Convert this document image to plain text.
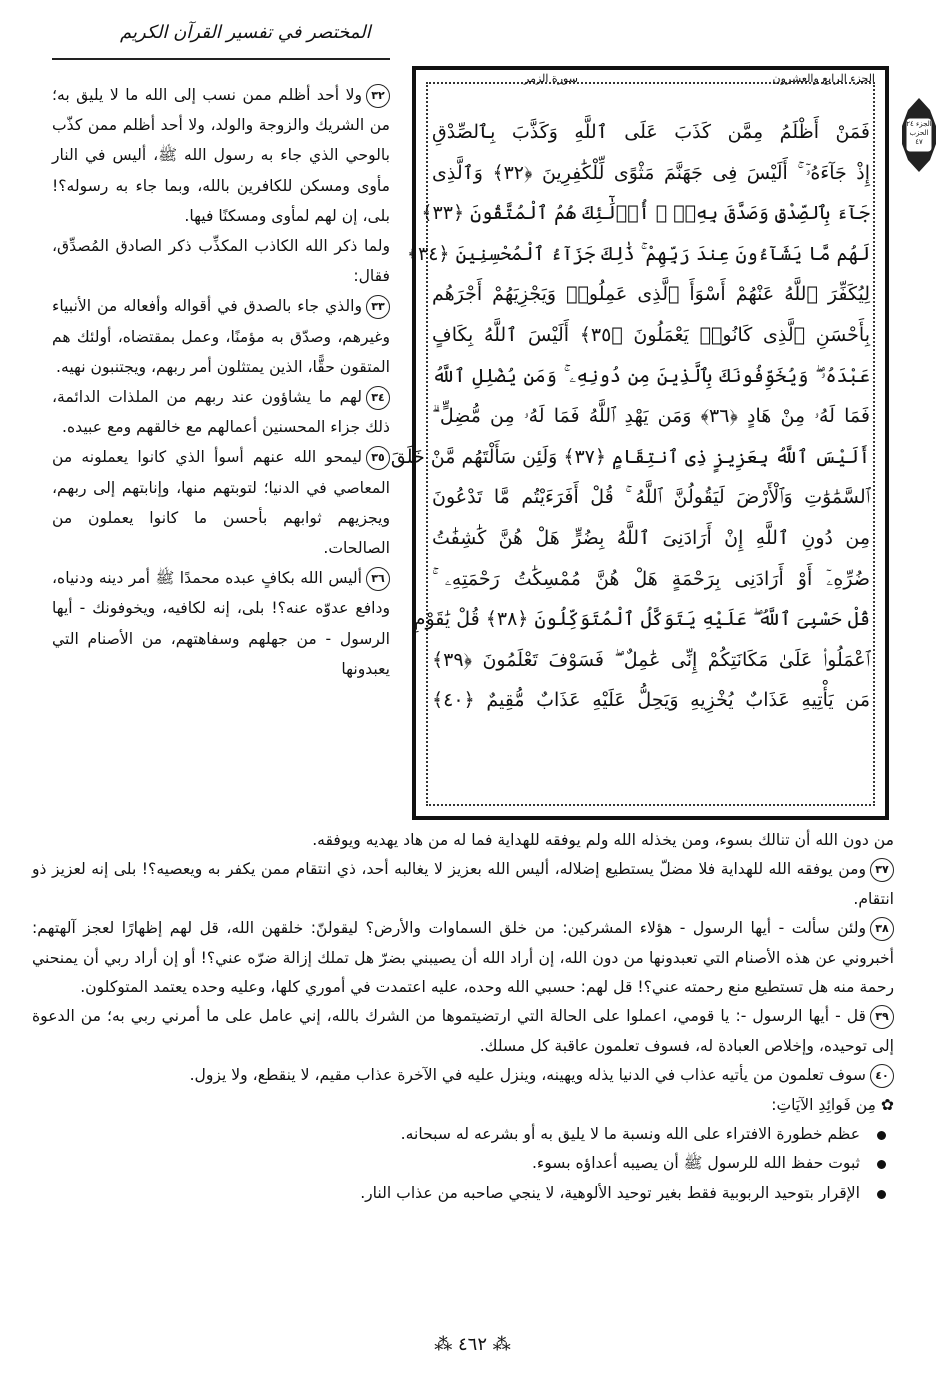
المختصر في تفسير القرآن الكريم

٣٢ولا أحد أظلم ممن نسب إلى الله ما لا يليق به؛ من الشريك والزوجة والولد، ولا أحد أظلم ممن كذّب بالوحي الذي جاء به رسول الله ﷺ، أليس في النار مأوى ومسكن للكافرين بالله، وبما جاء به رسوله؟! بلى، إن لهم لمأوى ومسكنًا فيها.

ولما ذكر الله الكاذب المكذِّب ذكر الصادق المُصدِّق، فقال:

٣٣والذي جاء بالصدق في أقواله وأفعاله من الأنبياء وغيرهم، وصدّق به مؤمنًا، وعمل بمقتضاه، أولئك هم المتقون حقًّا، الذين يمتثلون أمر ربهم، ويجتنبون نهيه.

٣٤لهم ما يشاؤون عند ربهم من الملذات الدائمة، ذلك جزاء المحسنين أعمالهم مع خالقهم ومع عبيده.

٣٥ليمحو الله عنهم أسوأ الذي كانوا يعملونه من المعاصي في الدنيا؛ لتوبتهم منها، وإنابتهم إلى ربهم، ويجزيهم ثوابهم بأحسن ما كانوا يعملون من الصالحات.

٣٦أليس الله بكافٍ عبده محمدًا ﷺ أمر دينه ودنياه، ودافع عدوّه عنه؟! بلى، إنه لكافيه، ويخوفونك - أيها الرسول - من جهلهم وسفاهتهم، من الأصنام التي يعبدونها

سورة الزمر	الجزء الرابع والعشرون
فَمَنْ أَظْلَمُ مِمَّن كَذَبَ عَلَى ٱللَّهِ وَكَذَّبَ بِٱلصِّدْقِ
إِذْ جَآءَهُۥٓ ۚ أَلَيْسَ فِى جَهَنَّمَ مَثْوًى لِّلْكَٰفِرِينَ ﴿٣٢﴾ وَٱلَّذِى
جَآءَ بِٱلصِّدْقِ وَصَدَّقَ بِهِۦٓ ۙ أُو۟لَٰٓئِكَ هُمُ ٱلْمُتَّقُونَ ﴿٣٣﴾
لَهُم مَّا يَشَآءُونَ عِندَ رَبِّهِمْ ۚ ذَٰلِكَ جَزَآءُ ٱلْمُحْسِنِينَ ﴿٣٤﴾
لِيُكَفِّرَ ٱللَّهُ عَنْهُمْ أَسْوَأَ ٱلَّذِى عَمِلُوا۟ وَيَجْزِيَهُمْ أَجْرَهُم
بِأَحْسَنِ ٱلَّذِى كَانُوا۟ يَعْمَلُونَ ﴿٣٥﴾ أَلَيْسَ ٱللَّهُ بِكَافٍ
عَبْدَهُۥ ۖ وَيُخَوِّفُونَكَ بِٱلَّذِينَ مِن دُونِهِۦ ۚ وَمَن يُضْلِلِ ٱللَّهُ
فَمَا لَهُۥ مِنْ هَادٍ ﴿٣٦﴾ وَمَن يَهْدِ ٱللَّهُ فَمَا لَهُۥ مِن مُّضِلٍّ ۗ
أَلَيْسَ ٱللَّهُ بِعَزِيزٍ ذِى ٱنتِقَامٍ ﴿٣٧﴾ وَلَئِن سَأَلْتَهُم مَّنْ خَلَقَ
ٱلسَّمَٰوَٰتِ وَٱلْأَرْضَ لَيَقُولُنَّ ٱللَّهُ ۚ قُلْ أَفَرَءَيْتُم مَّا تَدْعُونَ
مِن دُونِ ٱللَّهِ إِنْ أَرَادَنِىَ ٱللَّهُ بِضُرٍّ هَلْ هُنَّ كَٰشِفَٰتُ
ضُرِّهِۦٓ أَوْ أَرَادَنِى بِرَحْمَةٍ هَلْ هُنَّ مُمْسِكَٰتُ رَحْمَتِهِۦ ۚ
قُلْ حَسْبِىَ ٱللَّهُ ۖ عَلَيْهِ يَتَوَكَّلُ ٱلْمُتَوَكِّلُونَ ﴿٣٨﴾ قُلْ يَٰقَوْمِ
ٱعْمَلُوا۟ عَلَىٰ مَكَانَتِكُمْ إِنِّى عَٰمِلٌ ۖ فَسَوْفَ تَعْلَمُونَ ﴿٣٩﴾
مَن يَأْتِيهِ عَذَابٌ يُخْزِيهِ وَيَحِلُّ عَلَيْهِ عَذَابٌ مُّقِيمٌ ﴿٤٠﴾
الجزء ٢٤
الحزب ٤٧

من دون الله أن تنالك بسوء، ومن يخذله الله ولم يوفقه للهداية فما له من هاد يهديه ويوفقه.

٣٧ومن يوفقه الله للهداية فلا مضلّ يستطيع إضلاله، أليس الله بعزيز لا يغالبه أحد، ذي انتقام ممن يكفر به ويعصيه؟! بلى إنه لعزيز ذو انتقام.

٣٨ولئن سألت - أيها الرسول - هؤلاء المشركين: من خلق السماوات والأرض؟ ليقولنّ: خلقهن الله، قل لهم إظهارًا لعجز آلهتهم: أخبروني عن هذه الأصنام التي تعبدونها من دون الله، إن أراد الله أن يصيبني بضرّ هل تملك إزالة ضرّه عني؟! أو إن أراد ربي أن يمنحني رحمة منه هل تستطيع منع رحمته عني؟! قل لهم: حسبي الله وحده، عليه اعتمدت في أموري كلها، وعليه وحده يعتمد المتوكلون.

٣٩قل - أيها الرسول -: يا قومي، اعملوا على الحالة التي ارتضيتموها من الشرك بالله، إني عامل على ما أمرني ربي به؛ من الدعوة إلى توحيده، وإخلاص العبادة له، فسوف تعلمون عاقبة كل مسلك.

٤٠سوف تعلمون من يأتيه عذاب في الدنيا يذله ويهينه، وينزل عليه في الآخرة عذاب مقيم، لا ينقطع، ولا يزول.

✿ مِن فَوائِدِ الآيَاتِ:

عظم خطورة الافتراء على الله ونسبة ما لا يليق به أو بشرعه له سبحانه.
ثبوت حفظ الله للرسول ﷺ أن يصيبه أعداؤه بسوء.
الإقرار بتوحيد الربوبية فقط بغير توحيد الألوهية، لا ينجي صاحبه من عذاب النار.
⁂ ٤٦٢ ⁂
